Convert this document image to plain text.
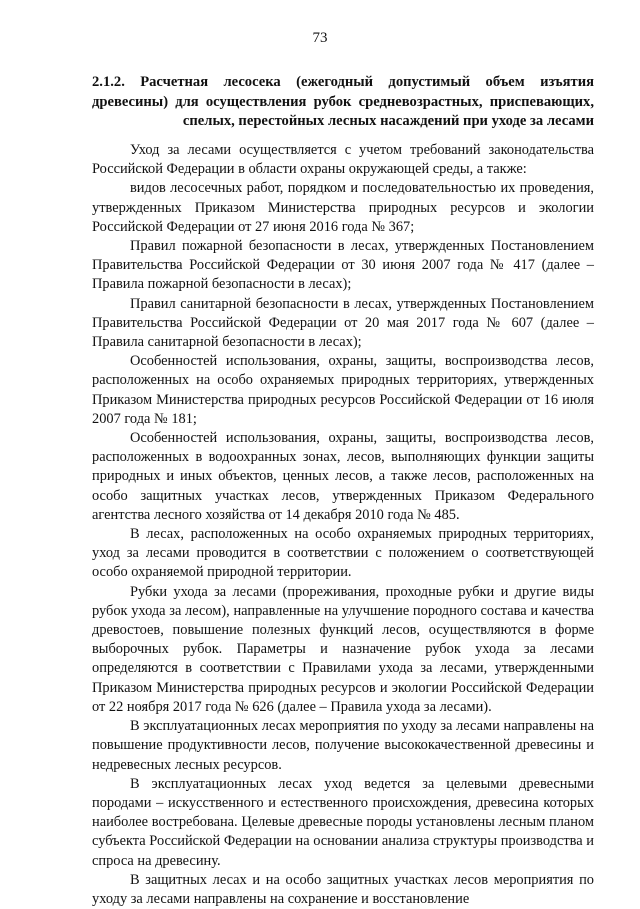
73

2.1.2. Расчетная лесосека (ежегодный допустимый объем изъятия древесины) для осуществления рубок средневозрастных, приспевающих, спелых, перестойных лесных насаждений при уходе за лесами

Уход за лесами осуществляется с учетом требований законодательства Российской Федерации в области охраны окружающей среды, а также:

видов лесосечных работ, порядком и последовательностью их проведения, утвержденных Приказом Министерства природных ресурсов и экологии Российской Федерации от 27 июня 2016 года № 367;

Правил пожарной безопасности в лесах, утвержденных Постановлением Правительства Российской Федерации от 30 июня 2007 года № 417 (далее – Правила пожарной безопасности в лесах);

Правил санитарной безопасности в лесах, утвержденных Постановлением Правительства Российской Федерации от 20 мая 2017 года № 607 (далее – Правила санитарной безопасности в лесах);

Особенностей использования, охраны, защиты, воспроизводства лесов, расположенных на особо охраняемых природных территориях, утвержденных Приказом Министерства природных ресурсов Российской Федерации от 16 июля 2007 года № 181;

Особенностей использования, охраны, защиты, воспроизводства лесов, расположенных в водоохранных зонах, лесов, выполняющих функции защиты природных и иных объектов, ценных лесов, а также лесов, расположенных на особо защитных участках лесов, утвержденных Приказом Федерального агентства лесного хозяйства от 14 декабря 2010 года № 485.

В лесах, расположенных на особо охраняемых природных территориях, уход за лесами проводится в соответствии с положением о соответствующей особо охраняемой природной территории.

Рубки ухода за лесами (прореживания, проходные рубки и другие виды рубок ухода за лесом), направленные на улучшение породного состава и качества древостоев, повышение полезных функций лесов, осуществляются в форме выборочных рубок. Параметры и назначение рубок ухода за лесами определяются в соответствии с Правилами ухода за лесами, утвержденными Приказом Министерства природных ресурсов и экологии Российской Федерации от 22 ноября 2017 года № 626 (далее – Правила ухода за лесами).

В эксплуатационных лесах мероприятия по уходу за лесами направлены на повышение продуктивности лесов, получение высококачественной древесины и недревесных лесных ресурсов.

В эксплуатационных лесах уход ведется за целевыми древесными породами – искусственного и естественного происхождения, древесина которых наиболее востребована. Целевые древесные породы установлены лесным планом субъекта Российской Федерации на основании анализа структуры производства и спроса на древесину.

В защитных лесах и на особо защитных участках лесов мероприятия по уходу за лесами направлены на сохранение и восстановление
